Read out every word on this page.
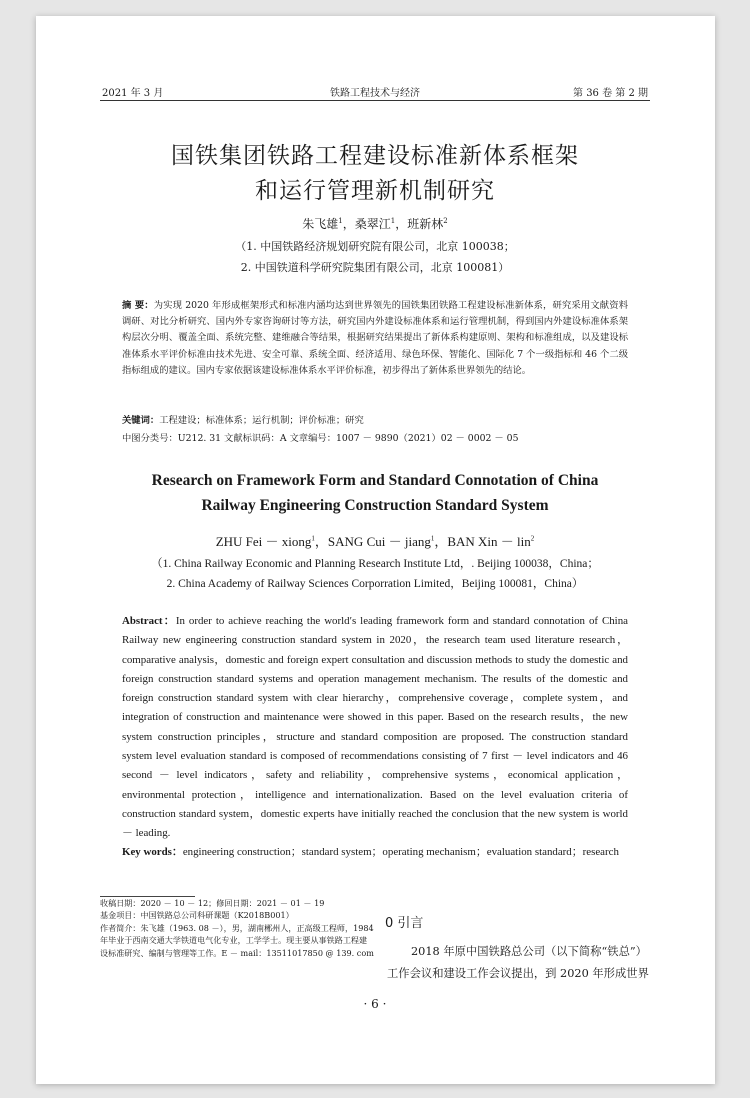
2021 年 3 月	铁路工程技术与经济	第 36 卷 第 2 期
国铁集团铁路工程建设标准新体系框架
和运行管理新机制研究
朱飞雄$^1$，桑翠江$^1$，班新林$^2$
（1. 中国铁路经济规划研究院有限公司，北京 100038；
2. 中国铁道科学研究院集团有限公司，北京 100081）
摘 要：为实现 2020 年形成框架形式和标准内涵均达到世界领先的国铁集团铁路工程建设标准新体系，研究采用文献资料调研、对比分析研究、国内外专家咨询研讨等方法，研究国内外建设标准体系和运行管理机制，得到国内外建设标准体系架构层次分明、覆盖全面、系统完整、建维融合等结果，根据研究结果提出了新体系构建原则、架构和标准组成，以及建设标准体系水平评价标准由技术先进、安全可靠、系统全面、经济适用、绿色环保、智能化、国际化 7 个一级指标和 46 个二级指标组成的建议。国内专家依据该建设标准体系水平评价标准，初步得出了新体系世界领先的结论。
关键词：工程建设；标准体系；运行机制；评价标准；研究
中图分类号：U212. 31 文献标识码：A 文章编号：1007 － 9890（2021）02 － 0002 － 05
Research on Framework Form and Standard Connotation of China
Railway Engineering Construction Standard System
ZHU Fei － xiong$^1$，SANG Cui － jiang$^1$，BAN Xin － lin$^2$
（1. China Railway Economic and Planning Research Institute Ltd，. Beijing 100038，China；
2. China Academy of Railway Sciences Corporration Limited，Beijing 100081，China）
Abstract：In order to achieve reaching the world′s leading framework form and standard connotation of China Railway new engineering construction standard system in 2020，the research team used literature research，comparative analysis，domestic and foreign expert consultation and discussion methods to study the domestic and foreign construction standard systems and operation management mechanism. The results of the domestic and foreign construction standard system with clear hierarchy，comprehensive coverage，complete system，and integration of construction and maintenance were showed in this paper. Based on the research results，the new system construction principles，structure and standard composition are proposed. The construction standard system level evaluation standard is composed of recommendations consisting of 7 first － level indicators and 46 second － level indicators，safety and reliability，comprehensive systems，economical application，environmental protection，intelligence and internationalization. Based on the level evaluation criteria of construction standard system，domestic experts have initially reached the conclusion that the new system is world － leading.
Key words：engineering construction；standard system；operating mechanism；evaluation standard；research
收稿日期：2020 － 10 － 12；修回日期：2021 － 01 － 19
基金项目：中国铁路总公司科研课题（K2018B001）
作者简介：朱飞雄（1963. 08 －），男，湖南郴州人，正高级工程师，1984 年毕业于西南交通大学铁道电气化专业，工学学士。现主要从事铁路工程建设标准研究、编制与管理等工作。E － mail：13511017850 @ 139. com
0 引言
2018 年原中国铁路总公司（以下简称“铁总”）工作会议和建设工作会议提出，到 2020 年形成世界
· 6 ·
